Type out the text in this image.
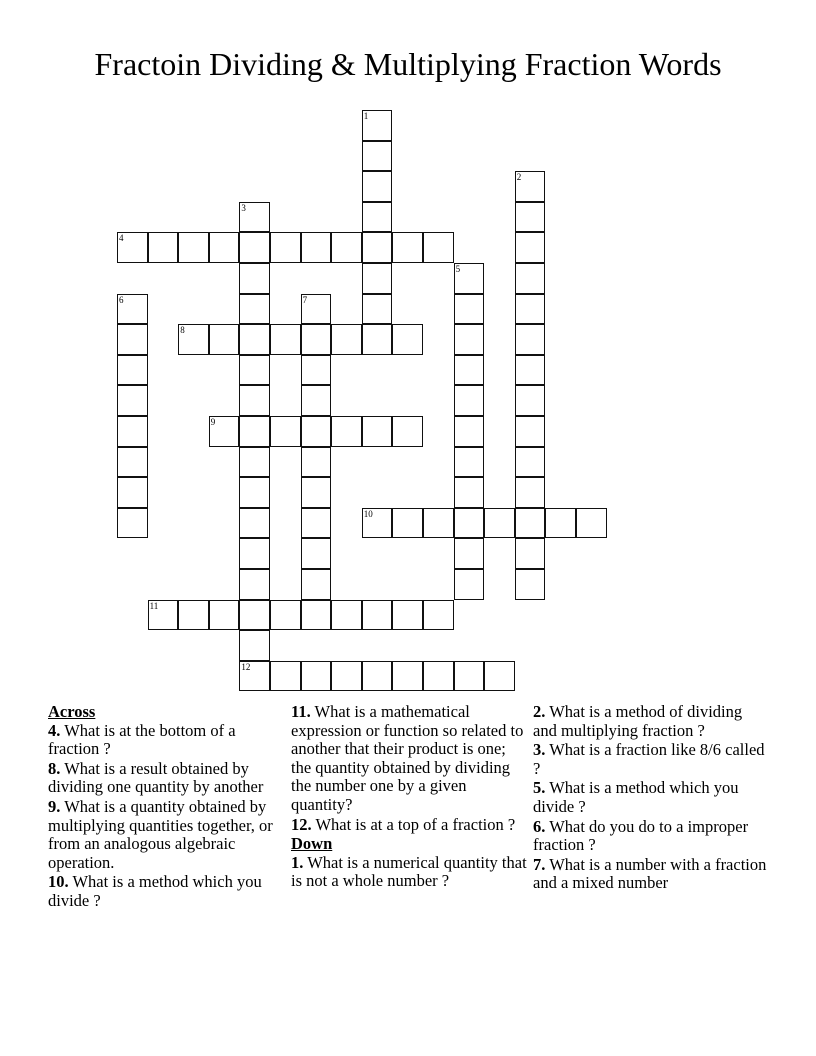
Fractoin Dividing & Multiplying Fraction Words
1
2
3
12
4
5
6	7
8
9
10
11
Across
4. What is at the bottom of a fraction ?
8. What is a result obtained by dividing one quantity by another
9. What is a quantity obtained by multiplying quantities together, or from an analogous algebraic operation.
10. What is a method which you divide ?
11. What is a mathematical expression or function so related to another that their product is one; the quantity obtained by dividing the number one by a given quantity?
12. What is at a top of a fraction ?
Down
1. What is a numerical quantity that is not a whole number ?
2. What is a method of dividing and multiplying fraction ?
3. What is a fraction like 8/6 called ?
5. What is a method which you divide ?
6. What do you do to a improper fraction ?
7. What is a number with a fraction and a mixed number
